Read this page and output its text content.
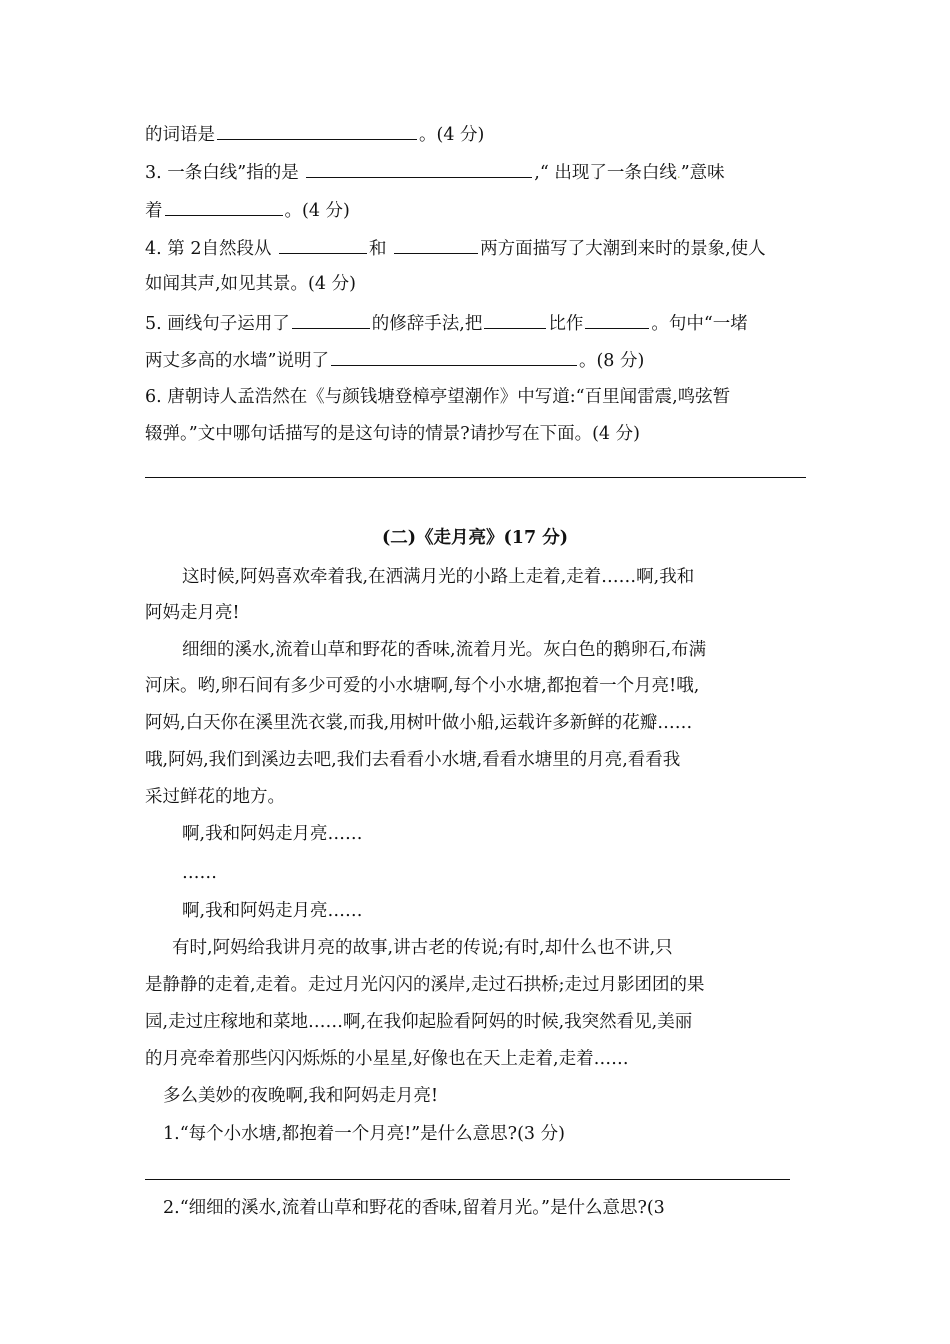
的词语是	。(4 分)
3. 一条白线”指的是	,“ 出现了一条白线.”意味
着	。(4 分)
4. 第 2自然段从	和	两方面描写了大潮到来时的景象,使人
如闻其声,如见其景。(4 分)
5. 画线句子运用了	的修辞手法,把	比作	。句中“一堵
两丈多高的水墙”说明了	。(8 分)
6. 唐朝诗人孟浩然在《与颜钱塘登樟亭望潮作》中写道:“百里闻雷震,鸣弦暂
辍弹。”文中哪句话描写的是这句诗的情景?请抄写在下面。(4 分)
(二)《走月亮》(17 分)
这时候,阿妈喜欢牵着我,在洒满月光的小路上走着,走着……啊,我和
阿妈走月亮!
细细的溪水,流着山草和野花的香味,流着月光。灰白色的鹅卵石,布满
河床。哟,卵石间有多少可爱的小水塘啊,每个小水塘,都抱着一个月亮!哦,
阿妈,白天你在溪里洗衣裳,而我,用树叶做小船,运载许多新鲜的花瓣……
哦,阿妈,我们到溪边去吧,我们去看看小水塘,看看水塘里的月亮,看看我
采过鲜花的地方。
啊,我和阿妈走月亮……
……
啊,我和阿妈走月亮……
有时,阿妈给我讲月亮的故事,讲古老的传说;有时,却什么也不讲,只
是静静的走着,走着。走过月光闪闪的溪岸,走过石拱桥;走过月影团团的果
园,走过庄稼地和菜地……啊,在我仰起脸看阿妈的时候,我突然看见,美丽
的月亮牵着那些闪闪烁烁的小星星,好像也在天上走着,走着……
多么美妙的夜晚啊,我和阿妈走月亮!
1.“每个小水塘,都抱着一个月亮!”是什么意思?(3 分)
2.“细细的溪水,流着山草和野花的香味,留着月光。”是什么意思?(3
